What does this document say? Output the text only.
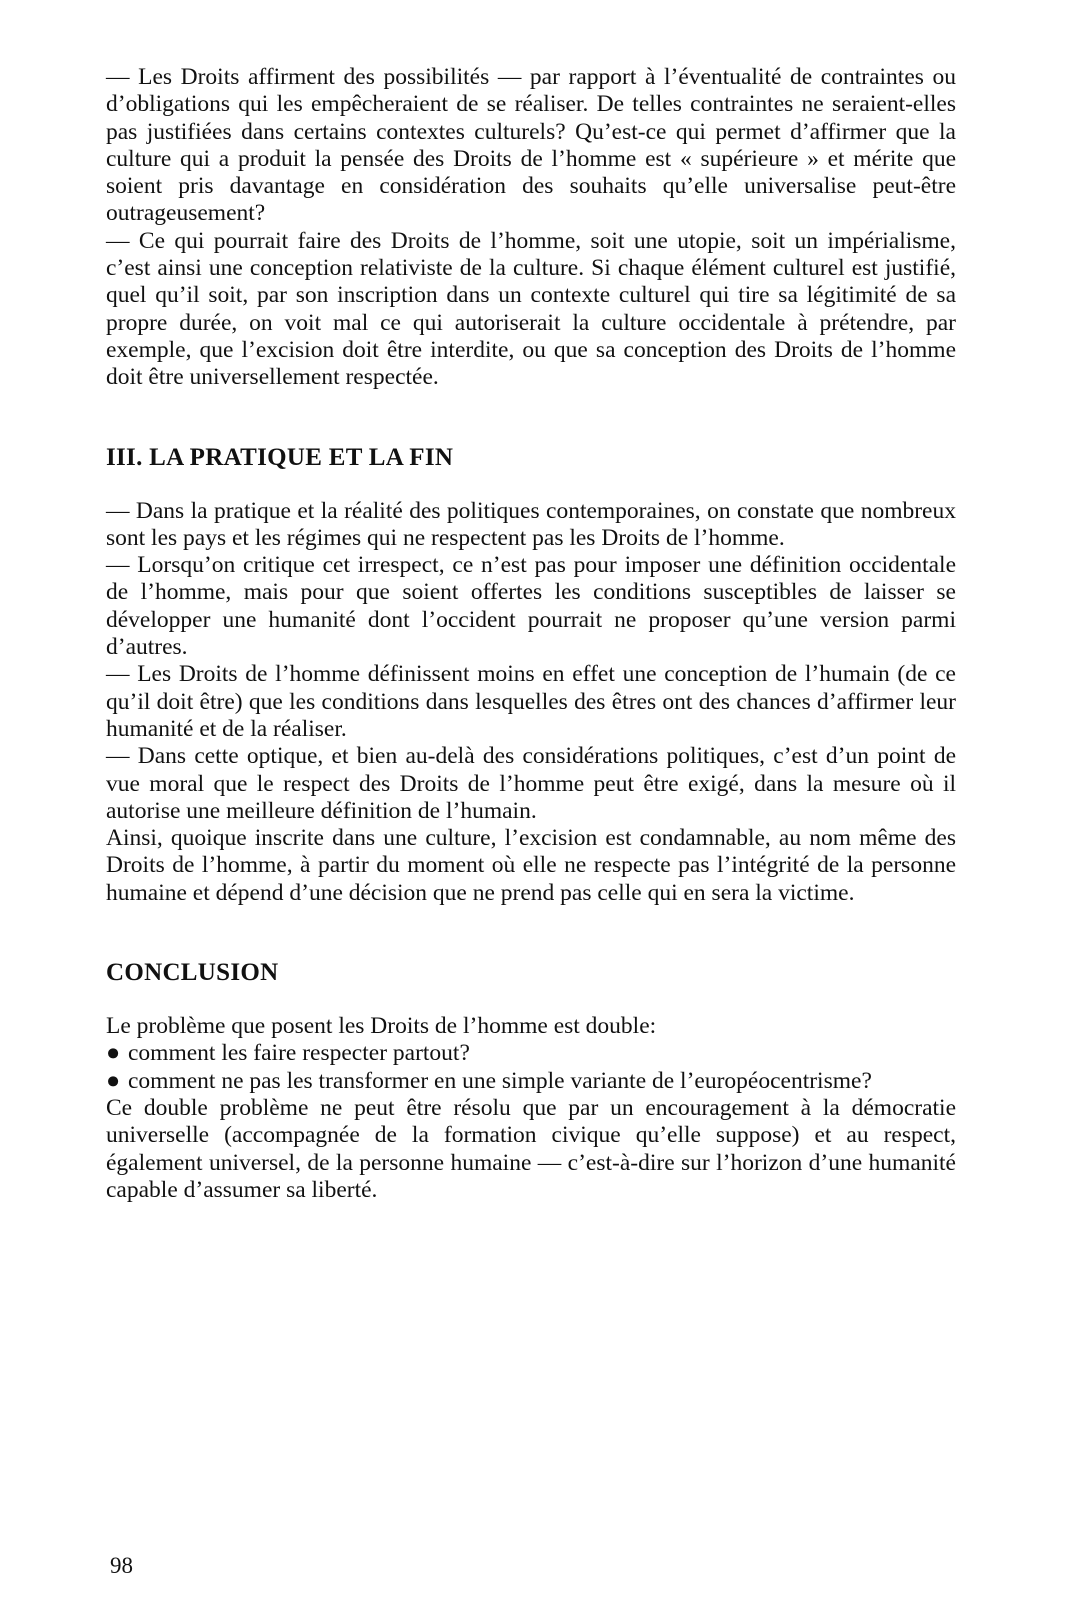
— Les Droits affirment des possibilités — par rapport à l’éventualité de contraintes ou d’obligations qui les empêcheraient de se réaliser. De telles contraintes ne seraient-elles pas justifiées dans certains contextes culturels? Qu’est-ce qui permet d’affirmer que la culture qui a produit la pensée des Droits de l’homme est « supérieure » et mérite que soient pris davantage en considération des souhaits qu’elle universalise peut-être outrageusement?

— Ce qui pourrait faire des Droits de l’homme, soit une utopie, soit un impérialisme, c’est ainsi une conception relativiste de la culture. Si chaque élément culturel est justifié, quel qu’il soit, par son inscription dans un contexte culturel qui tire sa légitimité de sa propre durée, on voit mal ce qui autoriserait la culture occidentale à prétendre, par exemple, que l’excision doit être interdite, ou que sa conception des Droits de l’homme doit être universellement respectée.

III. LA PRATIQUE ET LA FIN

— Dans la pratique et la réalité des politiques contemporaines, on constate que nombreux sont les pays et les régimes qui ne respectent pas les Droits de l’homme.

— Lorsqu’on critique cet irrespect, ce n’est pas pour imposer une définition occidentale de l’homme, mais pour que soient offertes les conditions susceptibles de laisser se développer une humanité dont l’occident pourrait ne proposer qu’une version parmi d’autres.

— Les Droits de l’homme définissent moins en effet une conception de l’humain (de ce qu’il doit être) que les conditions dans lesquelles des êtres ont des chances d’affirmer leur humanité et de la réaliser.

— Dans cette optique, et bien au-delà des considérations politiques, c’est d’un point de vue moral que le respect des Droits de l’homme peut être exigé, dans la mesure où il autorise une meilleure définition de l’humain.

Ainsi, quoique inscrite dans une culture, l’excision est condamnable, au nom même des Droits de l’homme, à partir du moment où elle ne respecte pas l’intégrité de la personne humaine et dépend d’une décision que ne prend pas celle qui en sera la victime.

CONCLUSION

Le problème que posent les Droits de l’homme est double:

● comment les faire respecter partout?

● comment ne pas les transformer en une simple variante de l’européocentrisme?

Ce double problème ne peut être résolu que par un encouragement à la démocratie universelle (accompagnée de la formation civique qu’elle suppose) et au respect, également universel, de la personne humaine — c’est-à-dire sur l’horizon d’une humanité capable d’assumer sa liberté.

98
